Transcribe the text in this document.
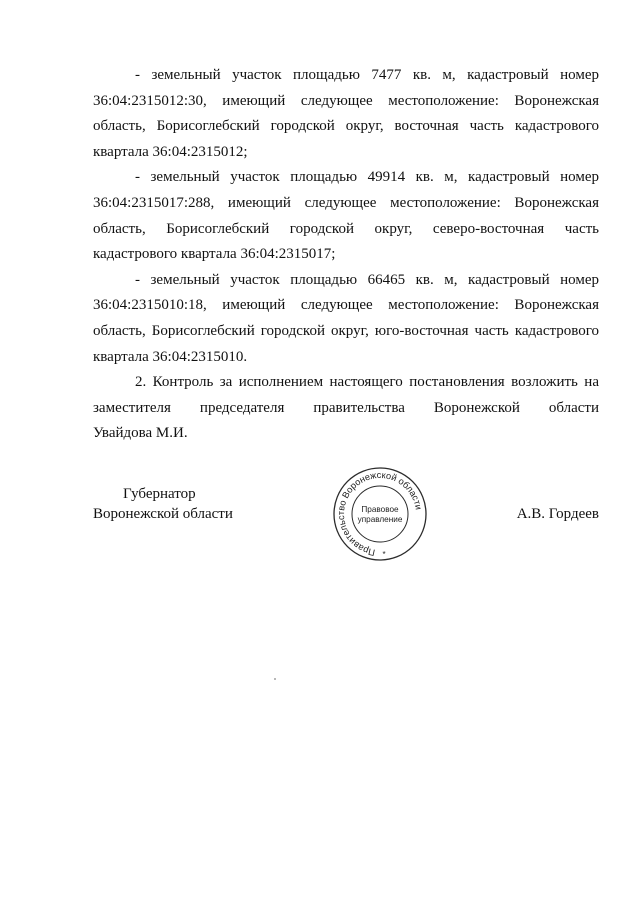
- земельный участок площадью 7477 кв. м, кадастровый номер
36:04:2315012:30, имеющий следующее местоположение: Воронежская
область, Борисоглебский городской округ, восточная часть кадастрового
квартала 36:04:2315012;
- земельный участок площадью 49914 кв. м, кадастровый номер
36:04:2315017:288, имеющий следующее местоположение: Воронежская
область, Борисоглебский городской округ, северо-восточная часть
кадастрового квартала 36:04:2315017;
- земельный участок площадью 66465 кв. м, кадастровый номер
36:04:2315010:18, имеющий следующее местоположение: Воронежская
область, Борисоглебский городской округ, юго-восточная часть кадастрового
квартала 36:04:2315010.
2. Контроль за исполнением настоящего постановления возложить на
заместителя председателя правительства Воронежской области
Увайдова М.И.
Губернатор
Воронежской области
Правительство Воронежской области
Правовое
управление
*
А.В. Гордеев
